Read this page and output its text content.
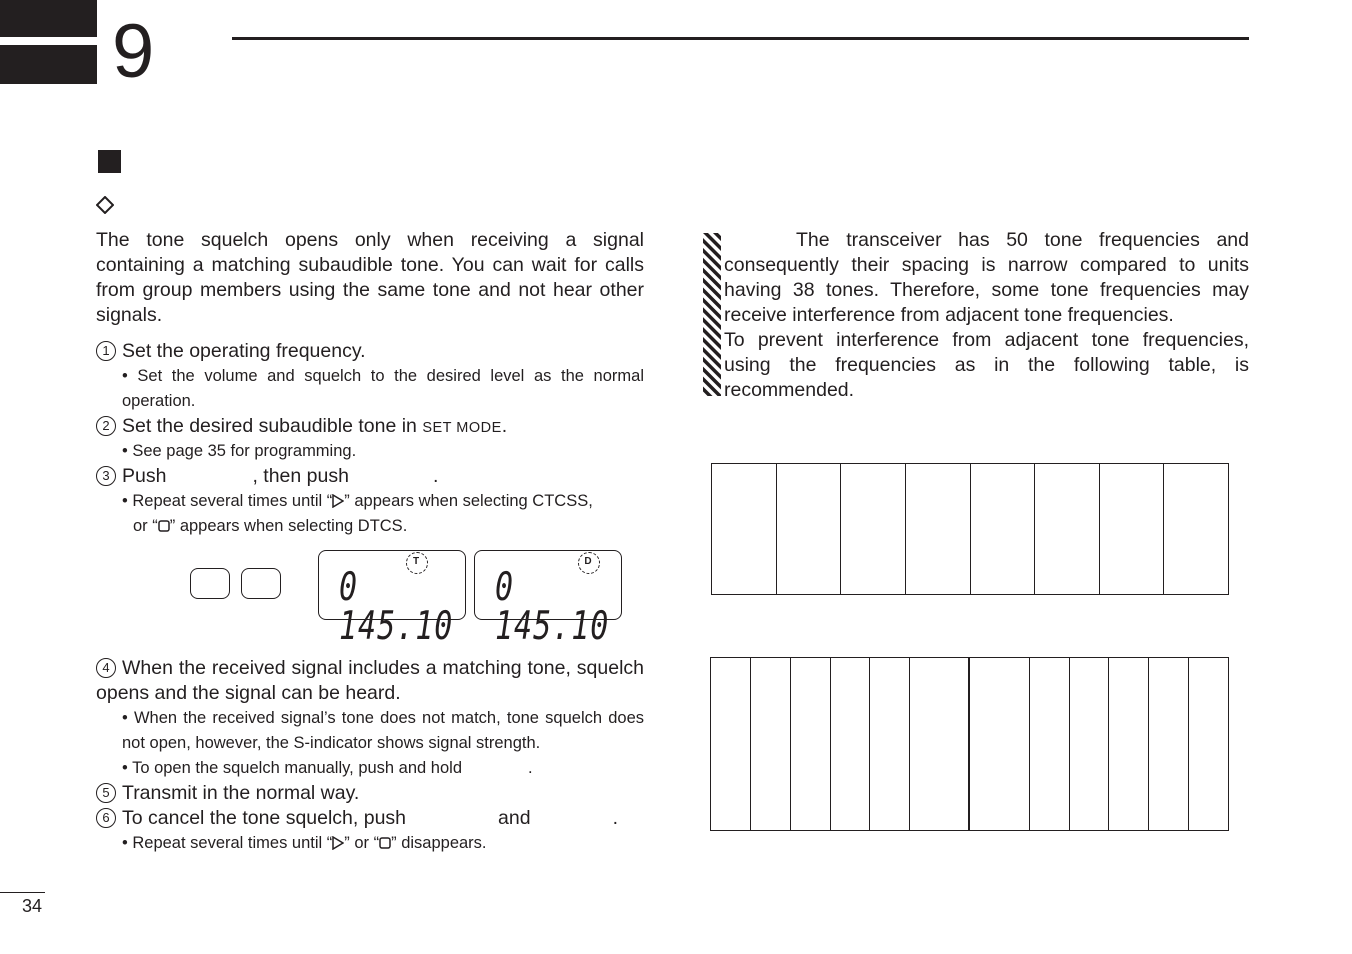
9
The tone squelch opens only when receiving a signal containing a matching subaudible tone. You can wait for calls from group members using the same tone and not hear other signals.
1 Set the operating frequency.
• Set the volume and squelch to the desired level as the normal operation.
2 Set the desired subaudible tone in SET MODE.
• See page 35 for programming.
3 Push	, then push	.
• Repeat several times until “ ” appears when selecting CTCSS,
or “ ” appears when selecting DTCS.
T
0 145.10
D
0 145.10
4 When the received signal includes a matching tone, squelch opens and the signal can be heard.
• When the received signal’s tone does not match, tone squelch does not open, however, the S-indicator shows signal strength.
• To open the squelch manually, push and hold	.
5 Transmit in the normal way.
6 To cancel the tone squelch, push	and	.
• Repeat several times until “ ” or “ ” disappears.
The transceiver has 50 tone frequencies and consequently their spacing is narrow compared to units having 38 tones. Therefore, some tone frequencies may receive interference from adjacent tone frequencies.
To prevent interference from adjacent tone frequencies, using the frequencies as in the following table, is recommended.

34
